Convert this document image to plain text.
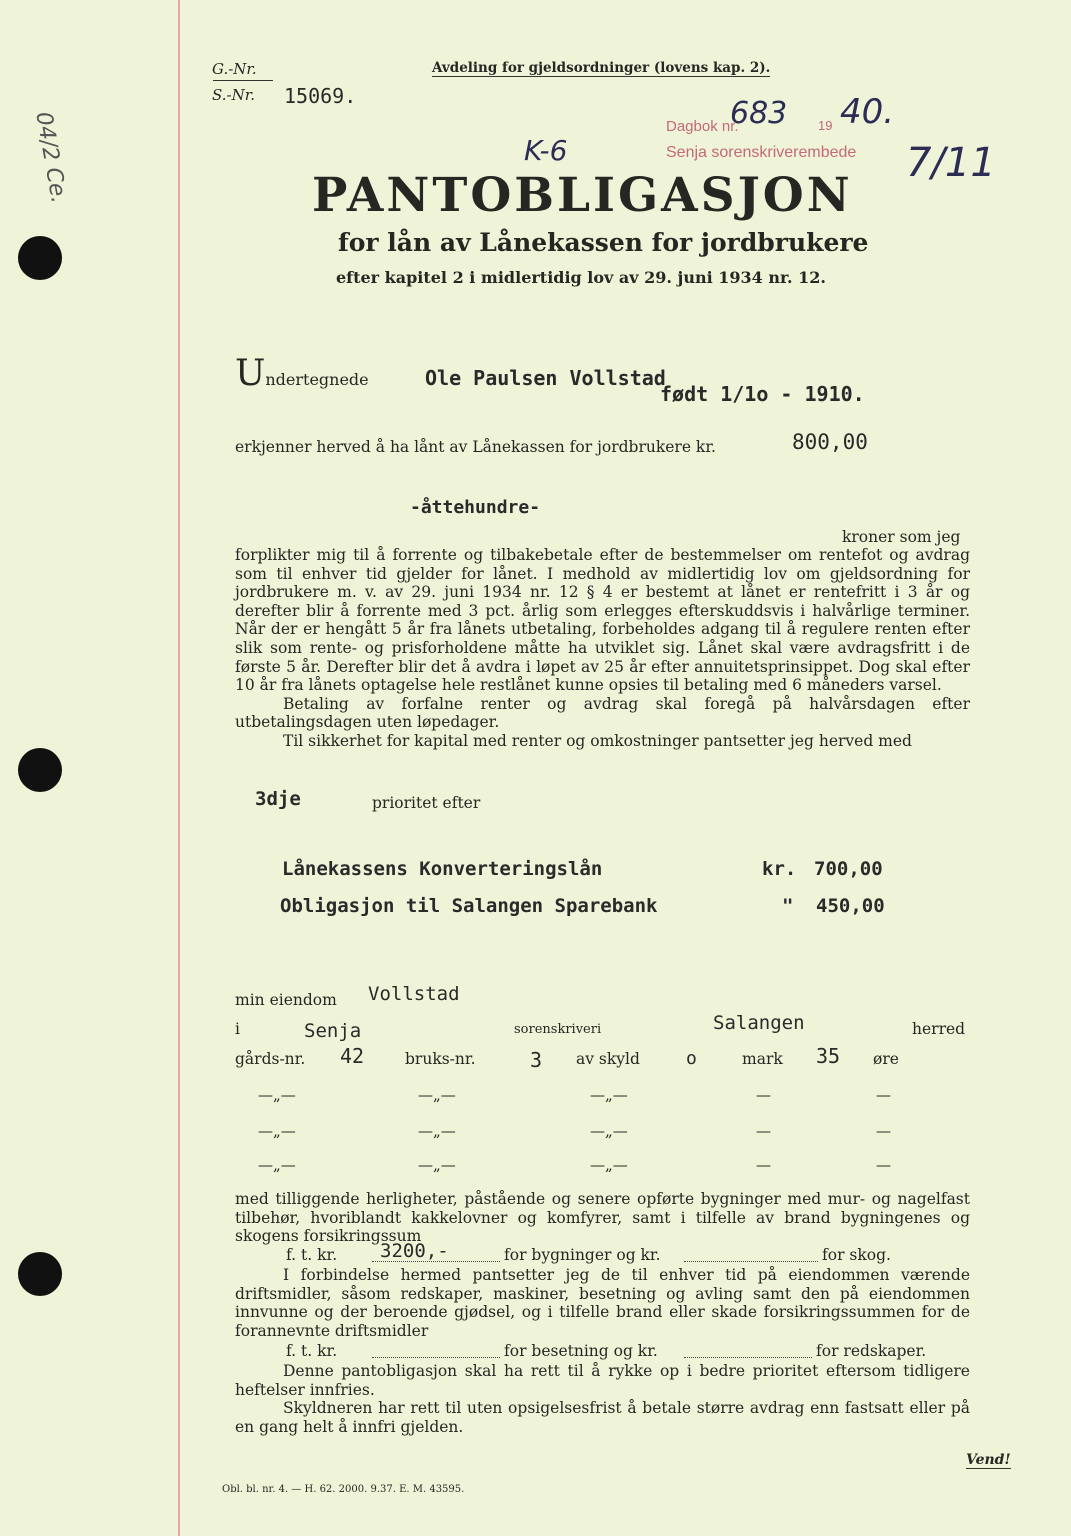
G.-Nr.
S.-Nr. 15069.
Avdeling for gjeldsordninger (lovens kap. 2).
04/2 Ce.	Dagbok nr.
683 19 40.
Senja sorenskriverembede
K-6	7/11
PANTOBLIGASJON
for lån av Lånekassen for jordbrukere
efter kapitel 2 i midlertidig lov av 29. juni 1934 nr. 12.
Undertegnede	Ole Paulsen Vollstad
født 1/1o - 1910.
erkjenner herved å ha lånt av Lånekassen for jordbrukere kr.	800,00
-åttehundre-
kroner som jeg

forplikter mig til å forrente og tilbakebetale efter de bestemmelser om rentefot og avdrag som til enhver tid gjelder for lånet. I medhold av midlertidig lov om gjeldsordning for jordbrukere m. v. av 29. juni 1934 nr. 12 § 4 er bestemt at lånet er rentefritt i 3 år og derefter blir å forrente med 3 pct. årlig som erlegges efterskuddsvis i halvårlige terminer. Når der er hengått 5 år fra lånets utbetaling, forbeholdes adgang til å regulere renten efter slik som rente- og prisforholdene måtte ha utviklet sig. Lånet skal være avdragsfritt i de første 5 år. Derefter blir det å avdra i løpet av 25 år efter annuitetsprinsippet. Dog skal efter 10 år fra lånets optagelse hele restlånet kunne opsies til betaling med 6 måneders varsel.

Betaling av forfalne renter og avdrag skal foregå på halvårsdagen efter utbetalingsdagen uten løpedager.

Til sikkerhet for kapital med renter og omkostninger pantsetter jeg herved med

3dje	prioritet efter
Lånekassens Konverteringslån	kr. 700,00
Obligasjon til Salangen Sparebank	" 450,00
min eiendom Vollstad
i	Senja	sorenskriveri	Salangen	herred
gårds-nr. 42	bruks-nr.	3 av skyld	o	mark 35 øre
—„—	—„—	—„—	—	—
—„—	—„—	—„—	—	—
—„—	—„—	—„—	—	—

med tilliggende herligheter, påstående og senere opførte bygninger med mur- og nagelfast tilbehør, hvoriblandt kakkelovner og komfyrer, samt i tilfelle av brand bygningenes og skogens forsikringssum

f. t. kr. 3200,-	for bygninger og kr.	for skog.

I forbindelse hermed pantsetter jeg de til enhver tid på eiendommen værende driftsmidler, såsom redskaper, maskiner, besetning og avling samt den på eiendommen innvunne og der beroende gjødsel, og i tilfelle brand eller skade forsikringssummen for de forannevnte driftsmidler

f. t. kr.	for besetning og kr.	for redskaper.

Denne pantobligasjon skal ha rett til å rykke op i bedre prioritet eftersom tidligere heftelser innfries.

Skyldneren har rett til uten opsigelsesfrist å betale større avdrag enn fastsatt eller på en gang helt å innfri gjelden.

Obl. bl. nr. 4. — H. 62. 2000. 9.37. E. M. 43595.
Vend!
